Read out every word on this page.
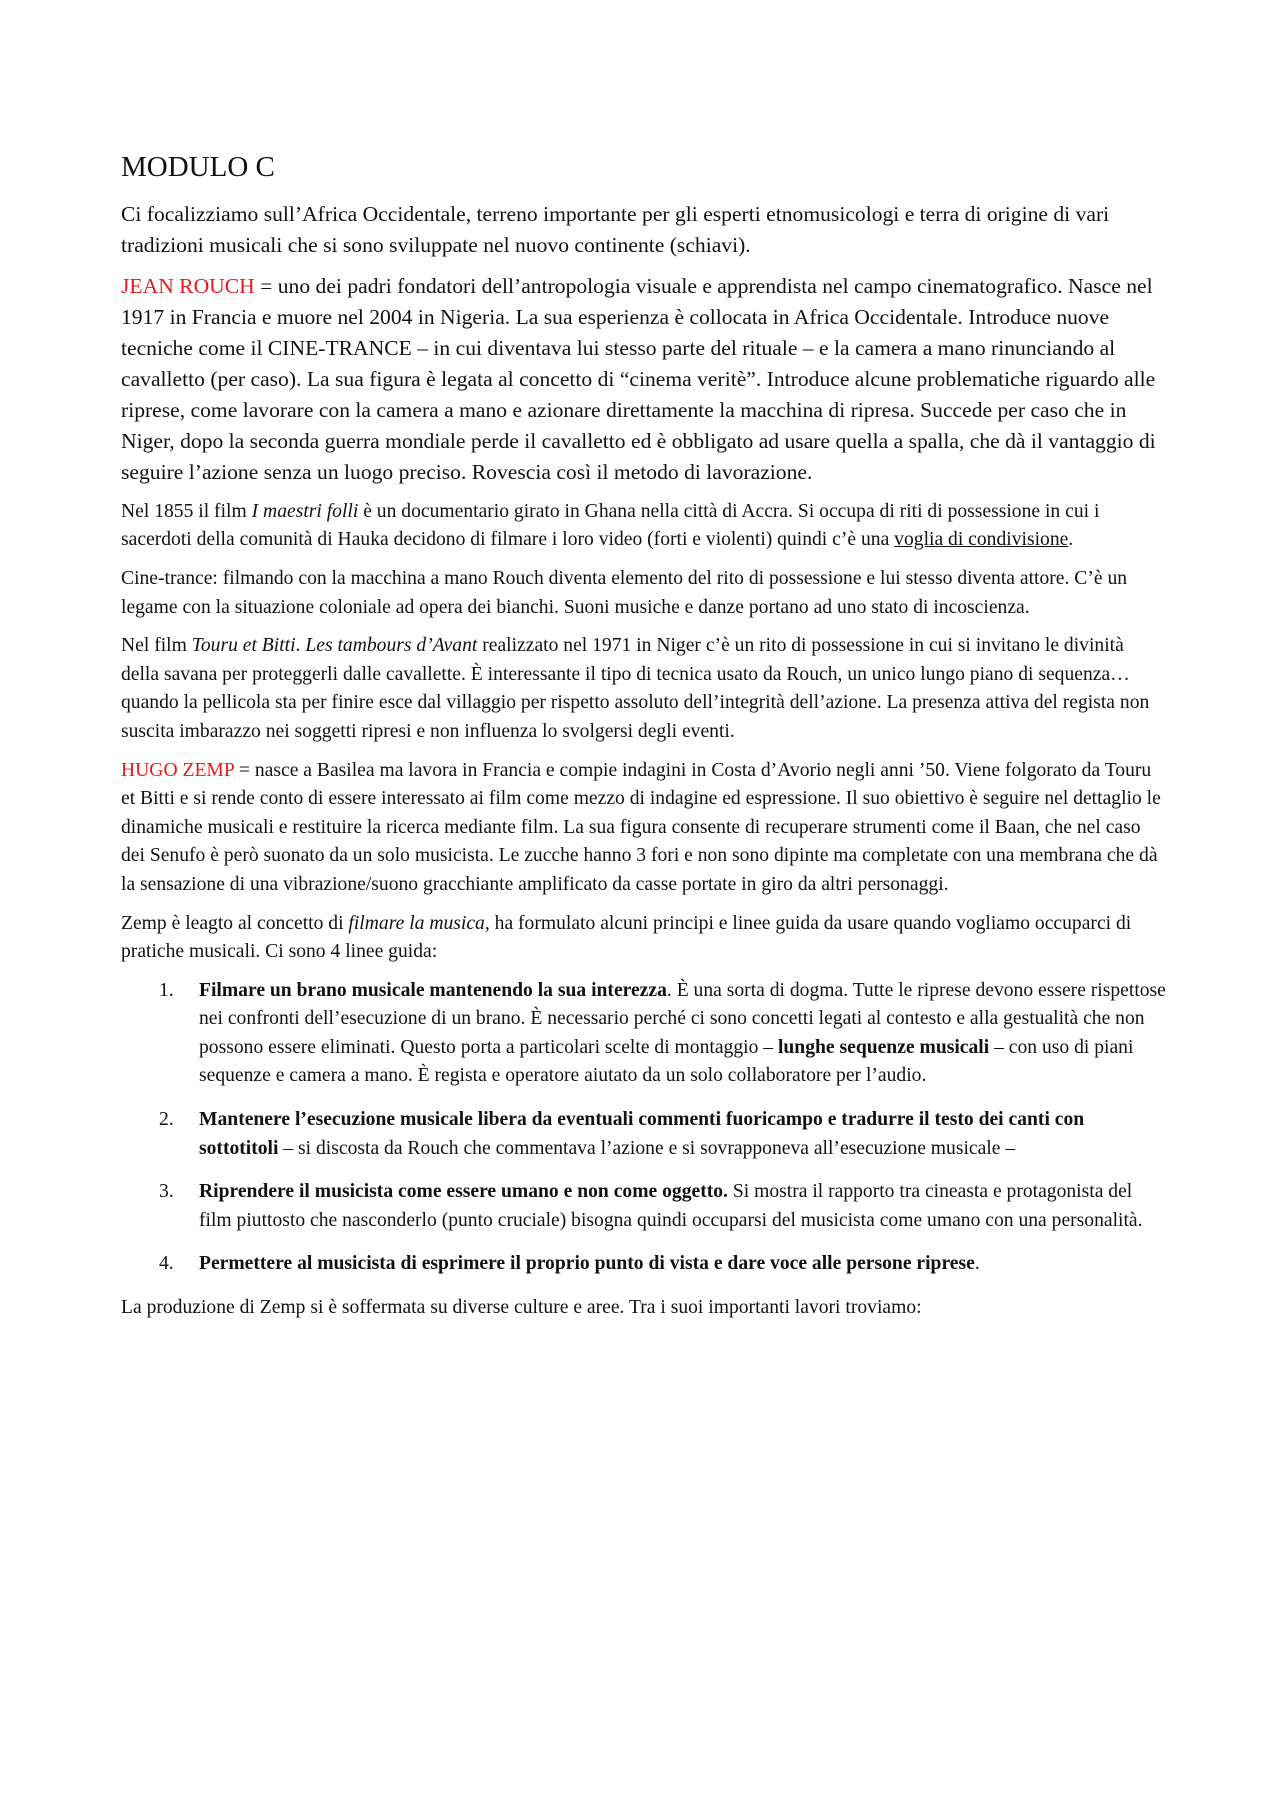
MODULO C

Ci focalizziamo sull’Africa Occidentale, terreno importante per gli esperti etnomusicologi e terra di origine di vari tradizioni musicali che si sono sviluppate nel nuovo continente (schiavi).

JEAN ROUCH = uno dei padri fondatori dell’antropologia visuale e apprendista nel campo cinematografico. Nasce nel 1917 in Francia e muore nel 2004 in Nigeria. La sua esperienza è collocata in Africa Occidentale. Introduce nuove tecniche come il CINE-TRANCE – in cui diventava lui stesso parte del rituale – e la camera a mano rinunciando al cavalletto (per caso). La sua figura è legata al concetto di “cinema veritè”. Introduce alcune problematiche riguardo alle riprese, come lavorare con la camera a mano e azionare direttamente la macchina di ripresa. Succede per caso che in Niger, dopo la seconda guerra mondiale perde il cavalletto ed è obbligato ad usare quella a spalla, che dà il vantaggio di seguire l’azione senza un luogo preciso. Rovescia così il metodo di lavorazione.

Nel 1855 il film I maestri folli è un documentario girato in Ghana nella città di Accra. Si occupa di riti di possessione in cui i sacerdoti della comunità di Hauka decidono di filmare i loro video (forti e violenti) quindi c’è una voglia di condivisione.

Cine-trance: filmando con la macchina a mano Rouch diventa elemento del rito di possessione e lui stesso diventa attore. C’è un legame con la situazione coloniale ad opera dei bianchi. Suoni musiche e danze portano ad uno stato di incoscienza.

Nel film Touru et Bitti. Les tambours d’Avant realizzato nel 1971 in Niger c’è un rito di possessione in cui si invitano le divinità della savana per proteggerli dalle cavallette. È interessante il tipo di tecnica usato da Rouch, un unico lungo piano di sequenza… quando la pellicola sta per finire esce dal villaggio per rispetto assoluto dell’integrità dell’azione. La presenza attiva del regista non suscita imbarazzo nei soggetti ripresi e non influenza lo svolgersi degli eventi.

HUGO ZEMP = nasce a Basilea ma lavora in Francia e compie indagini in Costa d’Avorio negli anni ’50. Viene folgorato da Touru et Bitti e si rende conto di essere interessato ai film come mezzo di indagine ed espressione. Il suo obiettivo è seguire nel dettaglio le dinamiche musicali e restituire la ricerca mediante film. La sua figura consente di recuperare strumenti come il Baan, che nel caso dei Senufo è però suonato da un solo musicista. Le zucche hanno 3 fori e non sono dipinte ma completate con una membrana che dà la sensazione di una vibrazione/suono gracchiante amplificato da casse portate in giro da altri personaggi.

Zemp è leagto al concetto di filmare la musica, ha formulato alcuni principi e linee guida da usare quando vogliamo occuparci di pratiche musicali. Ci sono 4 linee guida:

1. Filmare un brano musicale mantenendo la sua interezza. È una sorta di dogma. Tutte le riprese devono essere rispettose nei confronti dell’esecuzione di un brano. È necessario perché ci sono concetti legati al contesto e alla gestualità che non possono essere eliminati. Questo porta a particolari scelte di montaggio – lunghe sequenze musicali – con uso di piani sequenze e camera a mano. È regista e operatore aiutato da un solo collaboratore per l’audio.
2. Mantenere l’esecuzione musicale libera da eventuali commenti fuoricampo e tradurre il testo dei canti con sottotitoli – si discosta da Rouch che commentava l’azione e si sovrapponeva all’esecuzione musicale –
3. Riprendere il musicista come essere umano e non come oggetto. Si mostra il rapporto tra cineasta e protagonista del film piuttosto che nasconderlo (punto cruciale) bisogna quindi occuparsi del musicista come umano con una personalità.
4. Permettere al musicista di esprimere il proprio punto di vista e dare voce alle persone riprese.

La produzione di Zemp si è soffermata su diverse culture e aree. Tra i suoi importanti lavori troviamo:
